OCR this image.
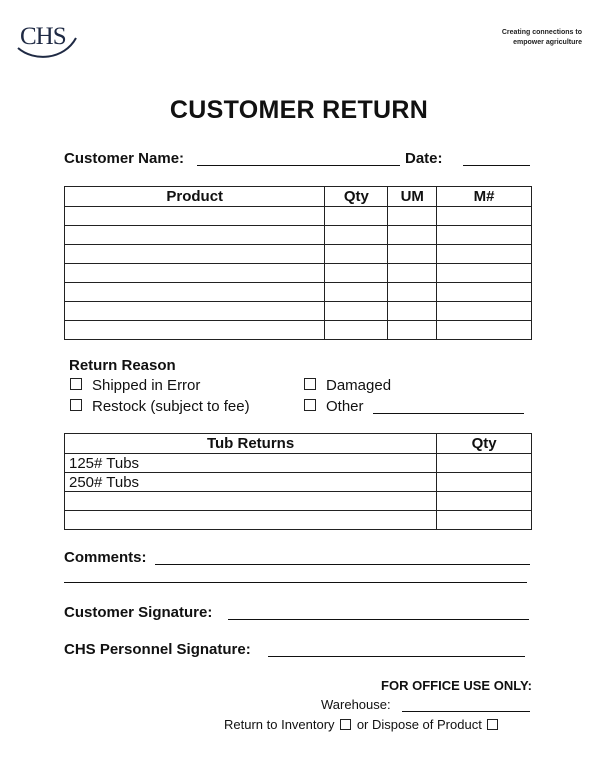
CHS	Creating connections to
empower agriculture
CUSTOMER RETURN
Customer Name:	Date:
Product	Qty	UM	M#

Return Reason
Shipped in Error
Restock (subject to fee)
Damaged
Other
Tub Returns	Qty
125# Tubs	
250# Tubs	

Comments:
Customer Signature:
CHS Personnel Signature:
FOR OFFICE USE ONLY:
Warehouse:
Return to Inventory or Dispose of Product
